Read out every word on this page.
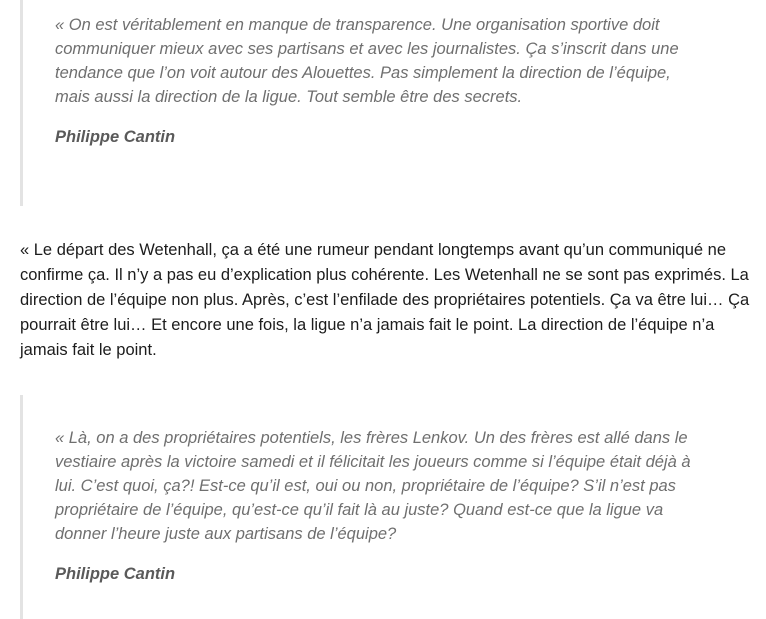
« On est véritablement en manque de transparence. Une organisation sportive doit communiquer mieux avec ses partisans et avec les journalistes. Ça s’inscrit dans une tendance que l’on voit autour des Alouettes. Pas simplement la direction de l’équipe, mais aussi la direction de la ligue. Tout semble être des secrets.

Philippe Cantin

« Le départ des Wetenhall, ça a été une rumeur pendant longtemps avant qu’un communiqué ne confirme ça. Il n’y a pas eu d’explication plus cohérente. Les Wetenhall ne se sont pas exprimés. La direction de l’équipe non plus. Après, c’est l’enfilade des propriétaires potentiels. Ça va être lui… Ça pourrait être lui… Et encore une fois, la ligue n’a jamais fait le point. La direction de l’équipe n’a jamais fait le point.

« Là, on a des propriétaires potentiels, les frères Lenkov. Un des frères est allé dans le vestiaire après la victoire samedi et il félicitait les joueurs comme si l’équipe était déjà à lui. C’est quoi, ça?! Est-ce qu’il est, oui ou non, propriétaire de l’équipe? S’il n’est pas propriétaire de l’équipe, qu’est-ce qu’il fait là au juste? Quand est-ce que la ligue va donner l’heure juste aux partisans de l’équipe?

Philippe Cantin
